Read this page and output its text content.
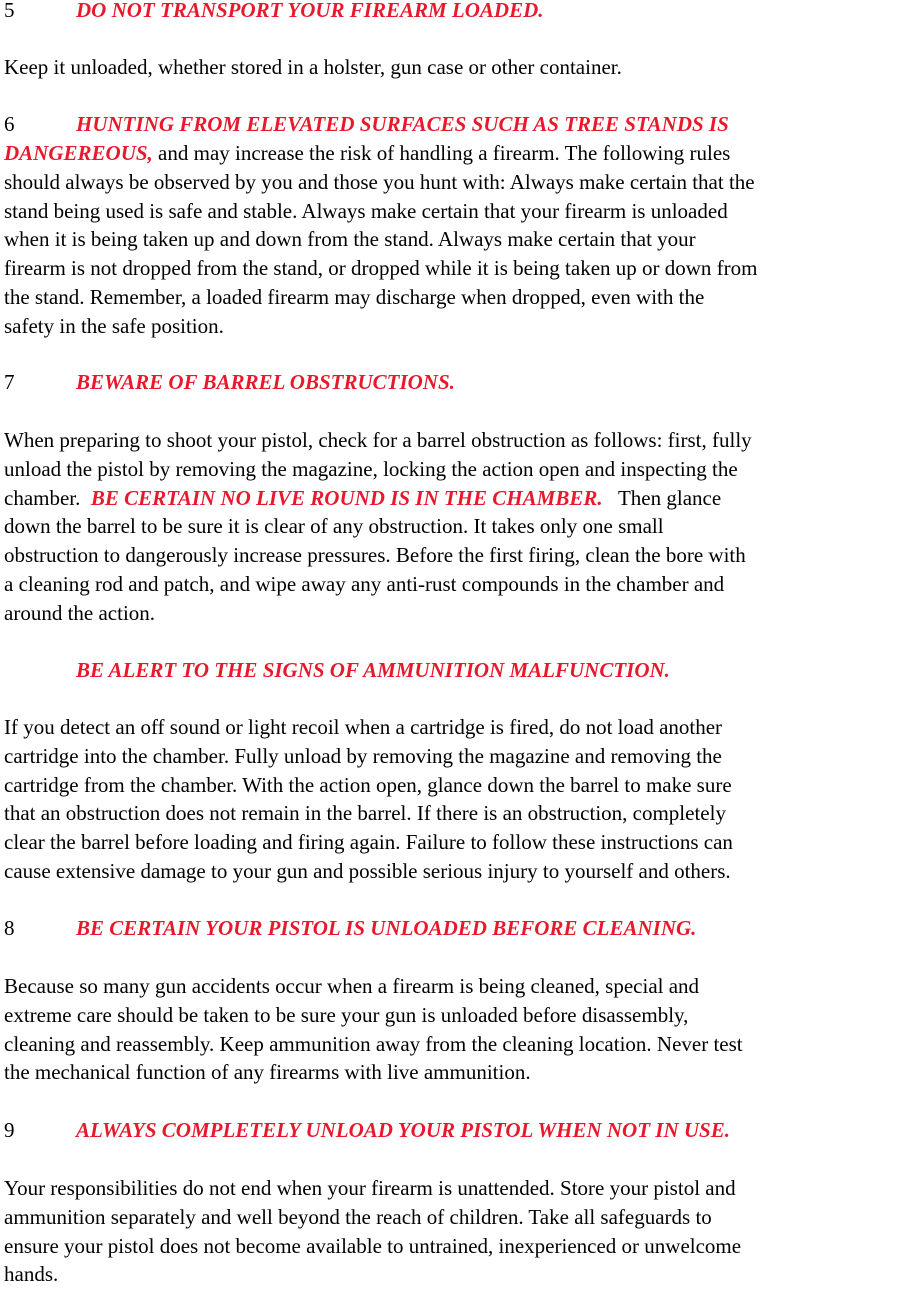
5	DO NOT TRANSPORT YOUR FIREARM LOADED.
Keep it unloaded, whether stored in a holster, gun case or other container.
6	HUNTING FROM ELEVATED SURFACES SUCH AS TREE STANDS IS
DANGEREOUS, and may increase the risk of handling a firearm. The following rules
should always be observed by you and those you hunt with: Always make certain that the
stand being used is safe and stable. Always make certain that your firearm is unloaded
when it is being taken up and down from the stand. Always make certain that your
firearm is not dropped from the stand, or dropped while it is being taken up or down from
the stand. Remember, a loaded firearm may discharge when dropped, even with the
safety in the safe position.
7	BEWARE OF BARREL OBSTRUCTIONS.
When preparing to shoot your pistol, check for a barrel obstruction as follows: first, fully
unload the pistol by removing the magazine, locking the action open and inspecting the
chamber.  BE CERTAIN NO LIVE ROUND IS IN THE CHAMBER.   Then glance
down the barrel to be sure it is clear of any obstruction. It takes only one small
obstruction to dangerously increase pressures. Before the first firing, clean the bore with
a cleaning rod and patch, and wipe away any anti-rust compounds in the chamber and
around the action.
BE ALERT TO THE SIGNS OF AMMUNITION MALFUNCTION.
If you detect an off sound or light recoil when a cartridge is fired, do not load another
cartridge into the chamber. Fully unload by removing the magazine and removing the
cartridge from the chamber. With the action open, glance down the barrel to make sure
that an obstruction does not remain in the barrel. If there is an obstruction, completely
clear the barrel before loading and firing again. Failure to follow these instructions can
cause extensive damage to your gun and possible serious injury to yourself and others.
8	BE CERTAIN YOUR PISTOL IS UNLOADED BEFORE CLEANING.
Because so many gun accidents occur when a firearm is being cleaned, special and
extreme care should be taken to be sure your gun is unloaded before disassembly,
cleaning and reassembly. Keep ammunition away from the cleaning location. Never test
the mechanical function of any firearms with live ammunition.
9	ALWAYS COMPLETELY UNLOAD YOUR PISTOL WHEN NOT IN USE.
Your responsibilities do not end when your firearm is unattended. Store your pistol and
ammunition separately and well beyond the reach of children. Take all safeguards to
ensure your pistol does not become available to untrained, inexperienced or unwelcome
hands.
